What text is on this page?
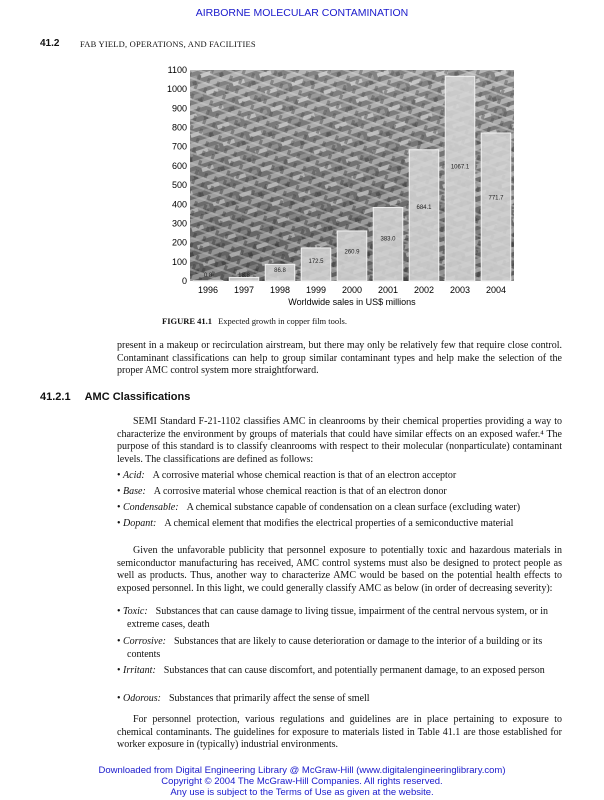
AIRBORNE MOLECULAR CONTAMINATION
41.2 FAB YIELD, OPERATIONS, AND FACILITIES
0
100
200
300
400
500
600
700
800
900
1000
1100
0.8	18.8
86.8
172.5
260.9
383.0
684.1
1067.1
771.7
1996 1997 1998 1999 2000 2001 2002 2003 2004
Worldwide sales in US$ millions
FIGURE 41.1 Expected growth in copper film tools.

present in a makeup or recirculation airstream, but there may only be relatively few that require close control. Contaminant classifications can help to group similar contaminant types and help make the selection of the proper AMC control system more straightforward.

41.2.1 AMC Classifications

SEMI Standard F-21-1102 classifies AMC in cleanrooms by their chemical properties providing a way to characterize the environment by groups of materials that could have similar effects on an exposed wafer.⁴ The purpose of this standard is to classify cleanrooms with respect to their molecular (nonparticulate) contaminant levels. The classifications are defined as follows:

• Acid: A corrosive material whose chemical reaction is that of an electron acceptor

• Base: A corrosive material whose chemical reaction is that of an electron donor

• Condensable: A chemical substance capable of condensation on a clean surface (excluding water)

• Dopant: A chemical element that modifies the electrical properties of a semiconductive material

Given the unfavorable publicity that personnel exposure to potentially toxic and hazardous materials in semiconductor manufacturing has received, AMC control systems must also be designed to protect people as well as products. Thus, another way to characterize AMC would be based on the potential health effects to exposed personnel. In this light, we could generally classify AMC as below (in order of decreasing severity):

• Toxic: Substances that can cause damage to living tissue, impairment of the central nervous system, or in extreme cases, death

• Corrosive: Substances that are likely to cause deterioration or damage to the interior of a building or its contents

• Irritant: Substances that can cause discomfort, and potentially permanent damage, to an exposed person

• Odorous: Substances that primarily affect the sense of smell

For personnel protection, various regulations and guidelines are in place pertaining to exposure to chemical contaminants. The guidelines for exposure to materials listed in Table 41.1 are those established for worker exposure in (typically) industrial environments.

Downloaded from Digital Engineering Library @ McGraw-Hill (www.digitalengineeringlibrary.com)
Copyright © 2004 The McGraw-Hill Companies. All rights reserved.
Any use is subject to the Terms of Use as given at the website.
